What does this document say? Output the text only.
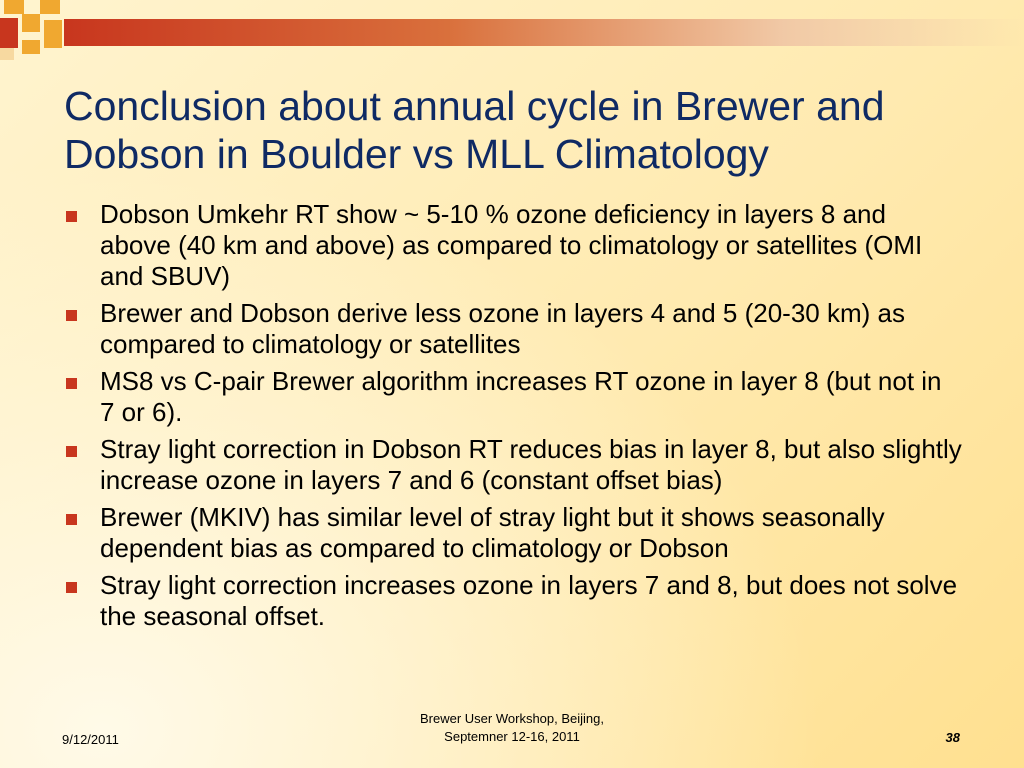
Conclusion about annual cycle in Brewer and Dobson in Boulder vs MLL Climatology
Dobson Umkehr RT show ~ 5-10 % ozone deficiency in layers 8 and above (40 km and above) as compared to climatology or satellites (OMI and SBUV)
Brewer and Dobson derive less ozone in layers 4 and 5 (20-30 km) as compared to climatology or satellites
MS8 vs C-pair Brewer algorithm increases RT ozone in layer 8 (but not in 7 or 6).
Stray light correction in Dobson RT reduces bias in layer 8, but also slightly increase ozone in layers 7 and 6 (constant offset bias)
Brewer (MKIV) has similar level of stray light but it shows seasonally dependent bias as compared to climatology or Dobson
Stray light correction increases ozone in layers 7 and 8, but does not solve the seasonal offset.
9/12/2011
Brewer User Workshop, Beijing,
Septemner 12-16, 2011	38
